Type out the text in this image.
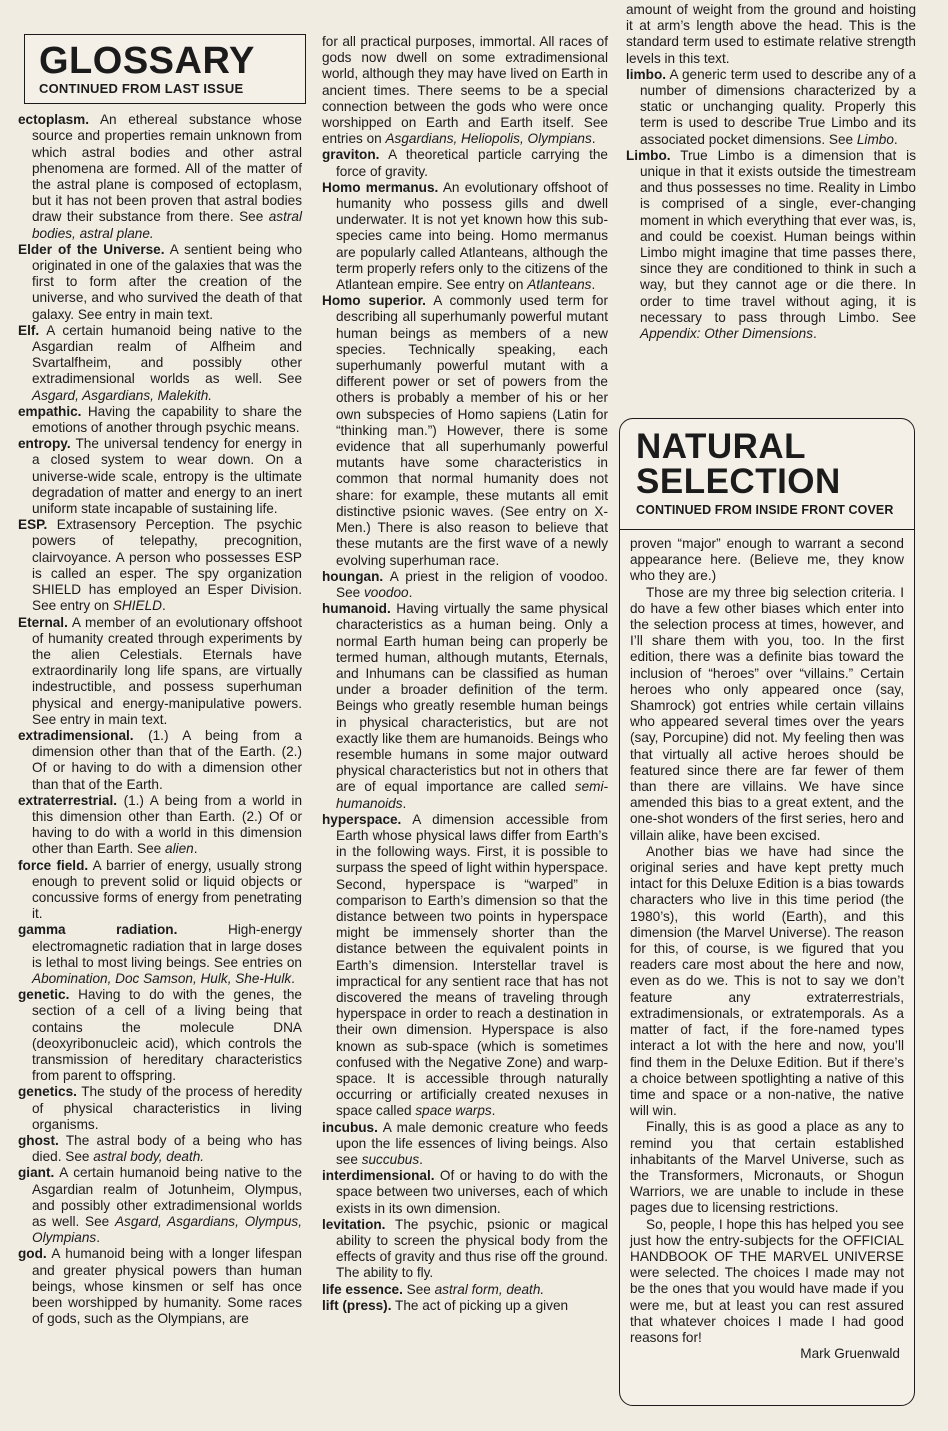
GLOSSARY
CONTINUED FROM LAST ISSUE

ectoplasm. An ethereal substance whose source and properties remain unknown from which astral bodies and other astral phenomena are formed. All of the matter of the astral plane is composed of ectoplasm, but it has not been proven that astral bodies draw their substance from there. See astral bodies, astral plane.

Elder of the Universe. A sentient being who originated in one of the galaxies that was the first to form after the creation of the universe, and who survived the death of that galaxy. See entry in main text.

Elf. A certain humanoid being native to the Asgardian realm of Alfheim and Svartalfheim, and possibly other extradimensional worlds as well. See Asgard, Asgardians, Malekith.

empathic. Having the capability to share the emotions of another through psychic means.

entropy. The universal tendency for energy in a closed system to wear down. On a universe-wide scale, entropy is the ultimate degradation of matter and energy to an inert uniform state incapable of sustaining life.

ESP. Extrasensory Perception. The psychic powers of telepathy, precognition, clairvoyance. A person who possesses ESP is called an esper. The spy organization SHIELD has employed an Esper Division. See entry on SHIELD.

Eternal. A member of an evolutionary offshoot of humanity created through experiments by the alien Celestials. Eternals have extraordinarily long life spans, are virtually indestructible, and possess superhuman physical and energy-manipulative powers. See entry in main text.

extradimensional. (1.) A being from a dimension other than that of the Earth. (2.) Of or having to do with a dimension other than that of the Earth.

extraterrestrial. (1.) A being from a world in this dimension other than Earth. (2.) Of or having to do with a world in this dimension other than Earth. See alien.

force field. A barrier of energy, usually strong enough to prevent solid or liquid objects or concussive forms of energy from penetrating it.

gamma radiation. High-energy electromagnetic radiation that in large doses is lethal to most living beings. See entries on Abomination, Doc Samson, Hulk, She-Hulk.

genetic. Having to do with the genes, the section of a cell of a living being that contains the molecule DNA (deoxyribonucleic acid), which controls the transmission of hereditary characteristics from parent to offspring.

genetics. The study of the process of heredity of physical characteristics in living organisms.

ghost. The astral body of a being who has died. See astral body, death.

giant. A certain humanoid being native to the Asgardian realm of Jotunheim, Olympus, and possibly other extradimensional worlds as well. See Asgard, Asgardians, Olympus, Olympians.

god. A humanoid being with a longer lifespan and greater physical powers than human beings, whose kinsmen or self has once been worshipped by humanity. Some races of gods, such as the Olympians, are

for all practical purposes, immortal. All races of gods now dwell on some extradimensional world, although they may have lived on Earth in ancient times. There seems to be a special connection between the gods who were once worshipped on Earth and Earth itself. See entries on Asgardians, Heliopolis, Olympians.

graviton. A theoretical particle carrying the force of gravity.

Homo mermanus. An evolutionary offshoot of humanity who possess gills and dwell underwater. It is not yet known how this sub-species came into being. Homo mermanus are popularly called Atlanteans, although the term properly refers only to the citizens of the Atlantean empire. See entry on Atlanteans.

Homo superior. A commonly used term for describing all superhumanly powerful mutant human beings as members of a new species. Technically speaking, each superhumanly powerful mutant with a different power or set of powers from the others is probably a member of his or her own subspecies of Homo sapiens (Latin for “thinking man.”) However, there is some evidence that all superhumanly powerful mutants have some characteristics in common that normal humanity does not share: for example, these mutants all emit distinctive psionic waves. (See entry on X-Men.) There is also reason to believe that these mutants are the first wave of a newly evolving superhuman race.

houngan. A priest in the religion of voodoo. See voodoo.

humanoid. Having virtually the same physical characteristics as a human being. Only a normal Earth human being can properly be termed human, although mutants, Eternals, and Inhumans can be classified as human under a broader definition of the term. Beings who greatly resemble human beings in physical characteristics, but are not exactly like them are humanoids. Beings who resemble humans in some major outward physical characteristics but not in others that are of equal importance are called semi-humanoids.

hyperspace. A dimension accessible from Earth whose physical laws differ from Earth’s in the following ways. First, it is possible to surpass the speed of light within hyperspace. Second, hyperspace is “warped” in comparison to Earth’s dimension so that the distance between two points in hyperspace might be immensely shorter than the distance between the equivalent points in Earth’s dimension. Interstellar travel is impractical for any sentient race that has not discovered the means of traveling through hyperspace in order to reach a destination in their own dimension. Hyperspace is also known as sub-space (which is sometimes confused with the Negative Zone) and warp-space. It is accessible through naturally occurring or artificially created nexuses in space called space warps.

incubus. A male demonic creature who feeds upon the life essences of living beings. Also see succubus.

interdimensional. Of or having to do with the space between two universes, each of which exists in its own dimension.

levitation. The psychic, psionic or magical ability to screen the physical body from the effects of gravity and thus rise off the ground. The ability to fly.

life essence. See astral form, death.

lift (press). The act of picking up a given

amount of weight from the ground and hoisting it at arm’s length above the head. This is the standard term used to estimate relative strength levels in this text.

limbo. A generic term used to describe any of a number of dimensions characterized by a static or unchanging quality. Properly this term is used to describe True Limbo and its associated pocket dimensions. See Limbo.

Limbo. True Limbo is a dimension that is unique in that it exists outside the timestream and thus possesses no time. Reality in Limbo is comprised of a single, ever-changing moment in which everything that ever was, is, and could be coexist. Human beings within Limbo might imagine that time passes there, since they are conditioned to think in such a way, but they cannot age or die there. In order to time travel without aging, it is necessary to pass through Limbo. See Appendix: Other Dimensions.

NATURAL
SELECTION
CONTINUED FROM INSIDE FRONT COVER

proven “major” enough to warrant a second appearance here. (Believe me, they know who they are.)

Those are my three big selection criteria. I do have a few other biases which enter into the selection process at times, however, and I’ll share them with you, too. In the first edition, there was a definite bias toward the inclusion of “heroes” over “villains.” Certain heroes who only appeared once (say, Shamrock) got entries while certain villains who appeared several times over the years (say, Porcupine) did not. My feeling then was that virtually all active heroes should be featured since there are far fewer of them than there are villains. We have since amended this bias to a great extent, and the one-shot wonders of the first series, hero and villain alike, have been excised.

Another bias we have had since the original series and have kept pretty much intact for this Deluxe Edition is a bias towards characters who live in this time period (the 1980’s), this world (Earth), and this dimension (the Marvel Universe). The reason for this, of course, is we figured that you readers care most about the here and now, even as do we. This is not to say we don’t feature any extraterrestrials, extradimensionals, or extratemporals. As a matter of fact, if the fore-named types interact a lot with the here and now, you’ll find them in the Deluxe Edition. But if there’s a choice between spotlighting a native of this time and space or a non-native, the native will win.

Finally, this is as good a place as any to remind you that certain established inhabitants of the Marvel Universe, such as the Transformers, Micronauts, or Shogun Warriors, we are unable to include in these pages due to licensing restrictions.

So, people, I hope this has helped you see just how the entry-subjects for the OFFICIAL HANDBOOK OF THE MARVEL UNIVERSE were selected. The choices I made may not be the ones that you would have made if you were me, but at least you can rest assured that whatever choices I made I had good reasons for!

Mark Gruenwald
